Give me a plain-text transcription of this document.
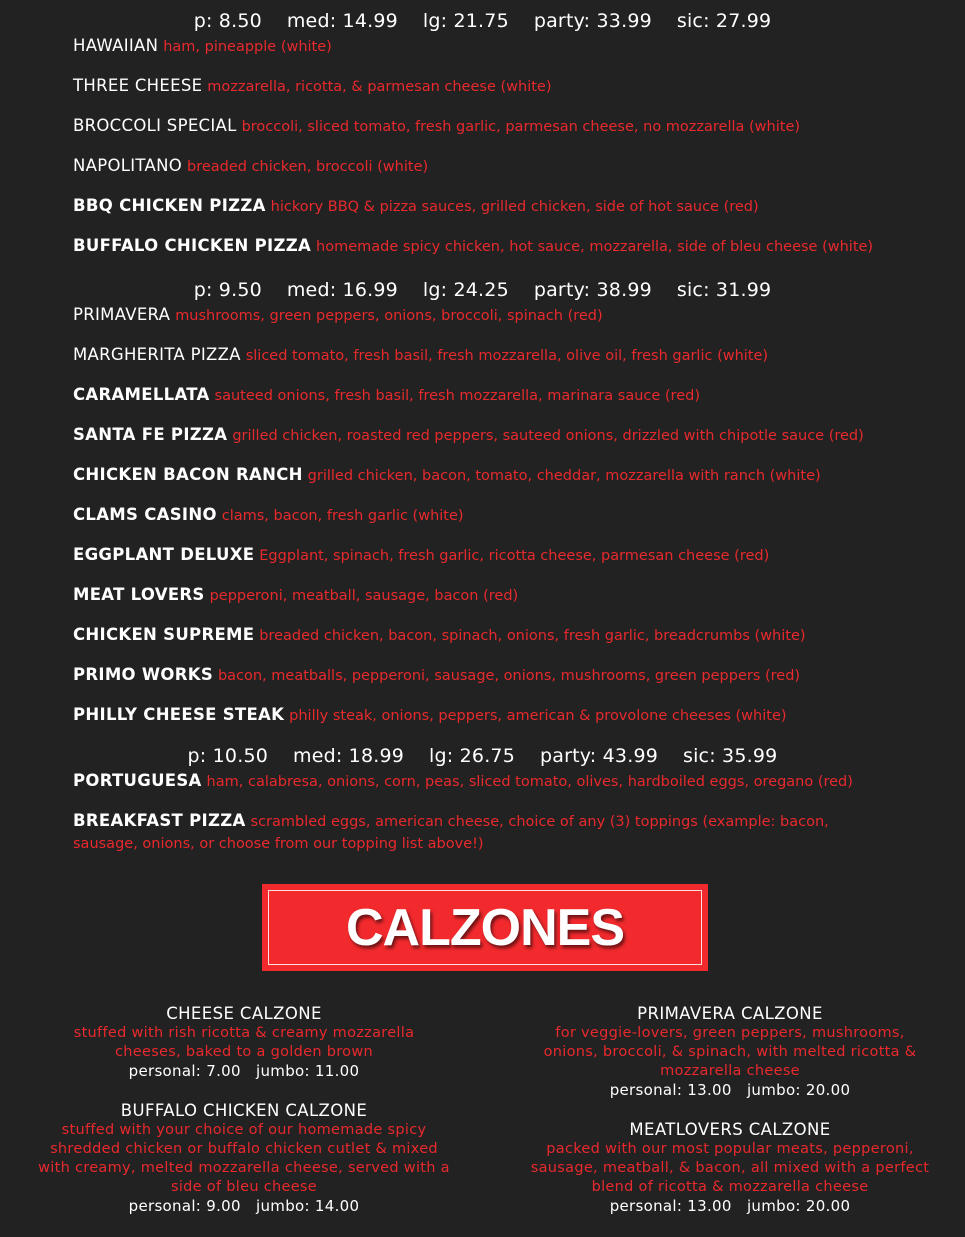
p: 8.50    med: 14.99    lg: 21.75    party: 33.99    sic: 27.99
p: 9.50    med: 16.99    lg: 24.25    party: 38.99    sic: 31.99
p: 10.50    med: 18.99    lg: 26.75    party: 43.99    sic: 35.99
HAWAIIAN ham, pineapple (white)
THREE CHEESE mozzarella, ricotta, & parmesan cheese (white)
BROCCOLI SPECIAL broccoli, sliced tomato, fresh garlic, parmesan cheese, no mozzarella (white)
NAPOLITANO breaded chicken, broccoli (white)
BBQ CHICKEN PIZZA hickory BBQ & pizza sauces, grilled chicken, side of hot sauce (red)
BUFFALO CHICKEN PIZZA homemade spicy chicken, hot sauce, mozzarella, side of bleu cheese (white)
PRIMAVERA mushrooms, green peppers, onions, broccoli, spinach (red)
MARGHERITA PIZZA sliced tomato, fresh basil, fresh mozzarella, olive oil, fresh garlic (white)
CARAMELLATA sauteed onions, fresh basil, fresh mozzarella, marinara sauce (red)
SANTA FE PIZZA grilled chicken, roasted red peppers, sauteed onions, drizzled with chipotle sauce (red)
CHICKEN BACON RANCH grilled chicken, bacon, tomato, cheddar, mozzarella with ranch (white)
CLAMS CASINO clams, bacon, fresh garlic (white)
EGGPLANT DELUXE Eggplant, spinach, fresh garlic, ricotta cheese, parmesan cheese (red)
MEAT LOVERS pepperoni, meatball, sausage, bacon (red)
CHICKEN SUPREME breaded chicken, bacon, spinach, onions, fresh garlic, breadcrumbs (white)
PRIMO WORKS bacon, meatballs, pepperoni, sausage, onions, mushrooms, green peppers (red)
PHILLY CHEESE STEAK philly steak, onions, peppers, american & provolone cheeses (white)
PORTUGUESA ham, calabresa, onions, corn, peas, sliced tomato, olives, hardboiled eggs, oregano (red)
BREAKFAST PIZZA scrambled eggs, american cheese, choice of any (3) toppings (example: bacon, sausage, onions, or choose from our topping list above!)
CALZONES
CHEESE CALZONE
stuffed with rish ricotta & creamy mozzarella cheeses, baked to a golden brown
personal: 7.00   jumbo: 11.00
PRIMAVERA CALZONE
for veggie-lovers, green peppers, mushrooms, onions, broccoli, & spinach, with melted ricotta & mozzarella cheese
personal: 13.00   jumbo: 20.00
BUFFALO CHICKEN CALZONE
stuffed with your choice of our homemade spicy shredded chicken or buffalo chicken cutlet & mixed with creamy, melted mozzarella cheese, served with a side of bleu cheese
personal: 9.00   jumbo: 14.00
MEATLOVERS CALZONE
packed with our most popular meats, pepperoni, sausage, meatball, & bacon, all mixed with a perfect blend of ricotta & mozzarella cheese
personal: 13.00   jumbo: 20.00
